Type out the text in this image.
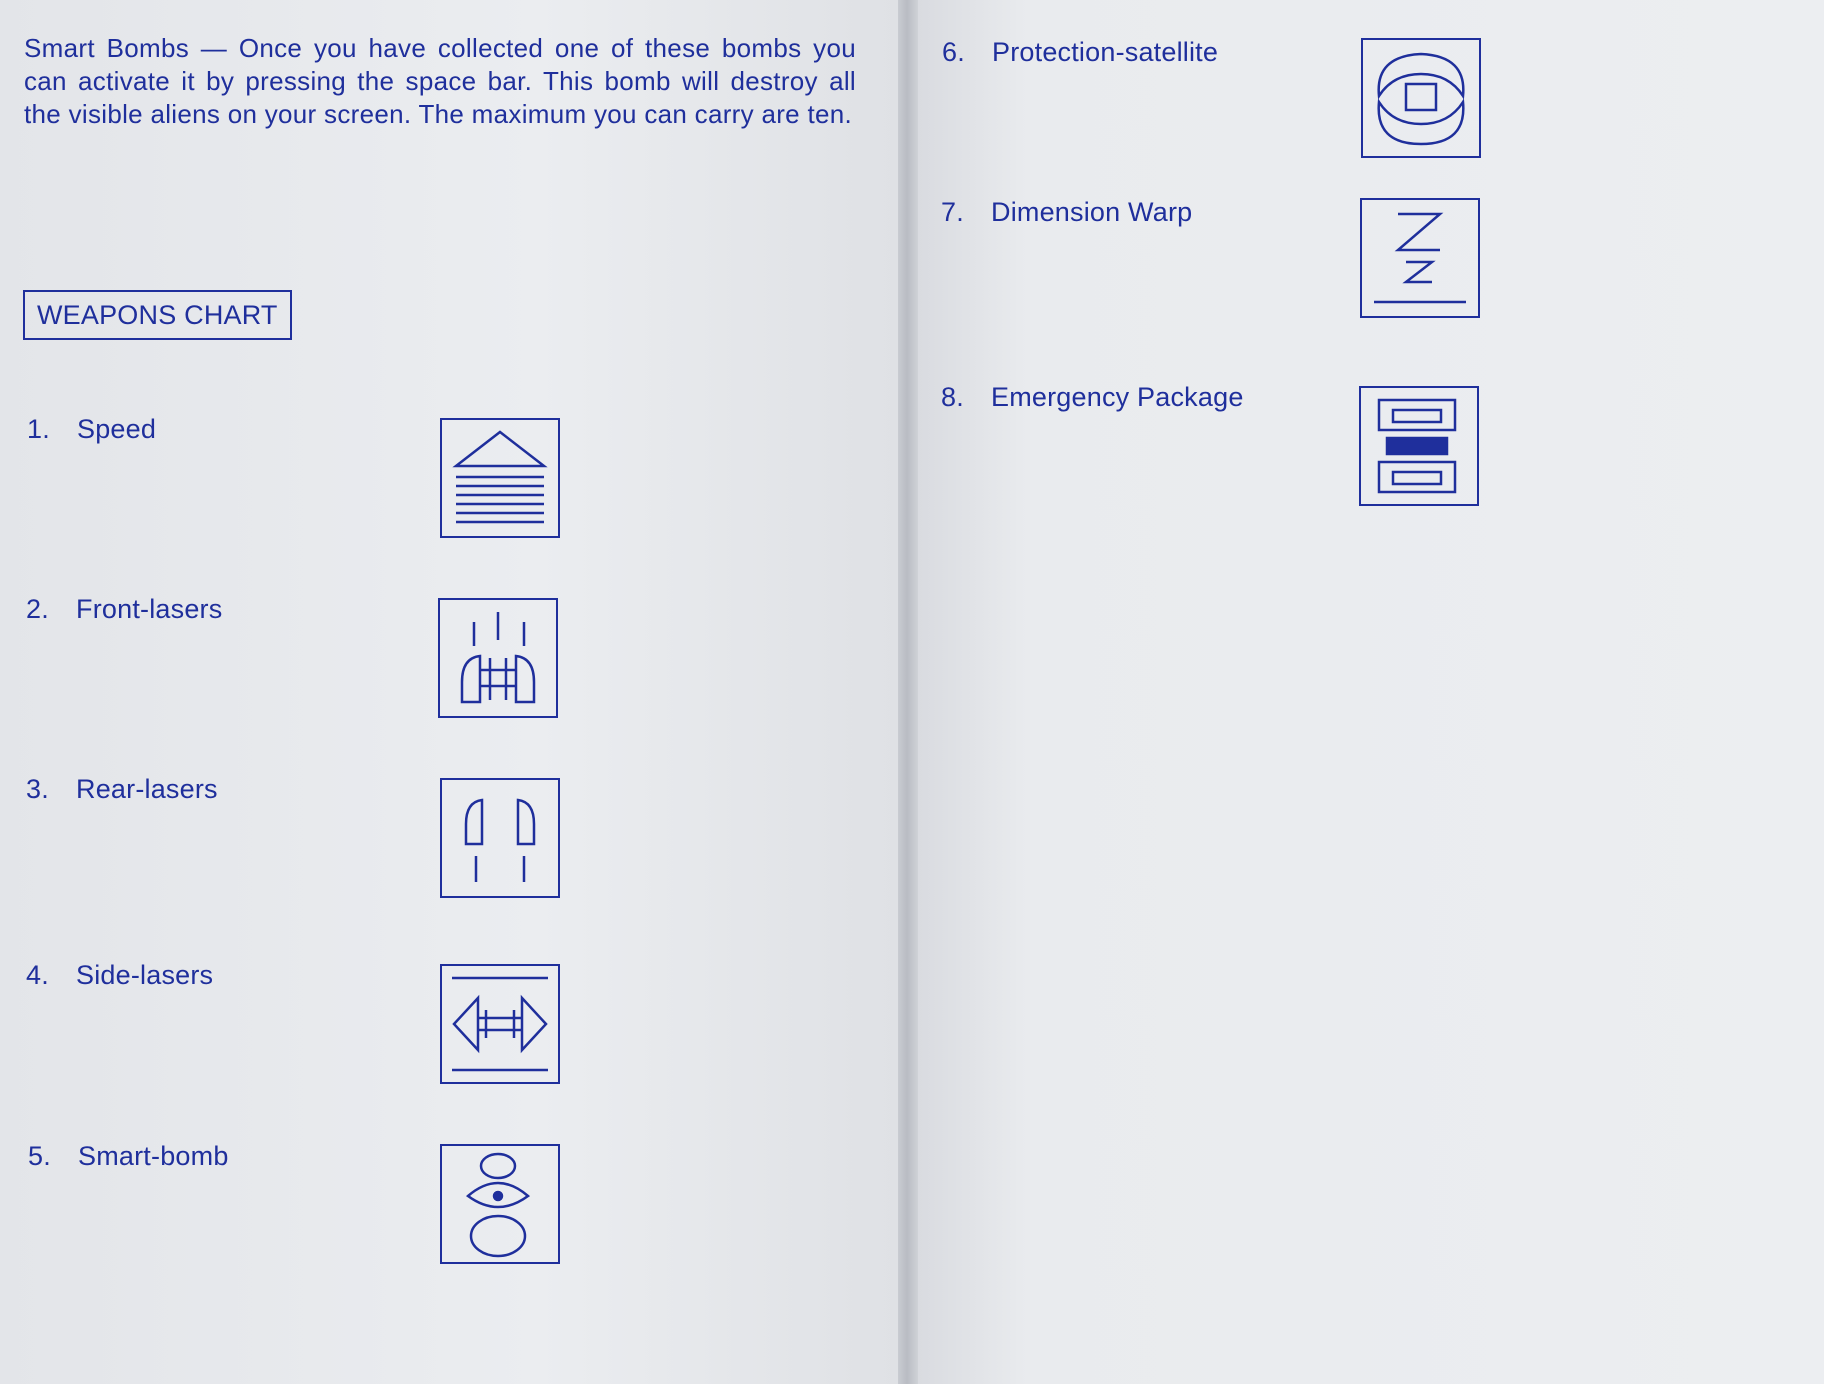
Smart Bombs — Once you have collected one of these bombs you can activate it by pressing the space bar. This bomb will destroy all the visible aliens on your screen. The maximum you can carry are ten.

WEAPONS CHART
1. Speed
2. Front-lasers
3. Rear-lasers
4. Side-lasers
5. Smart-bomb
6. Protection-satellite
7. Dimension Warp
8. Emergency Package
